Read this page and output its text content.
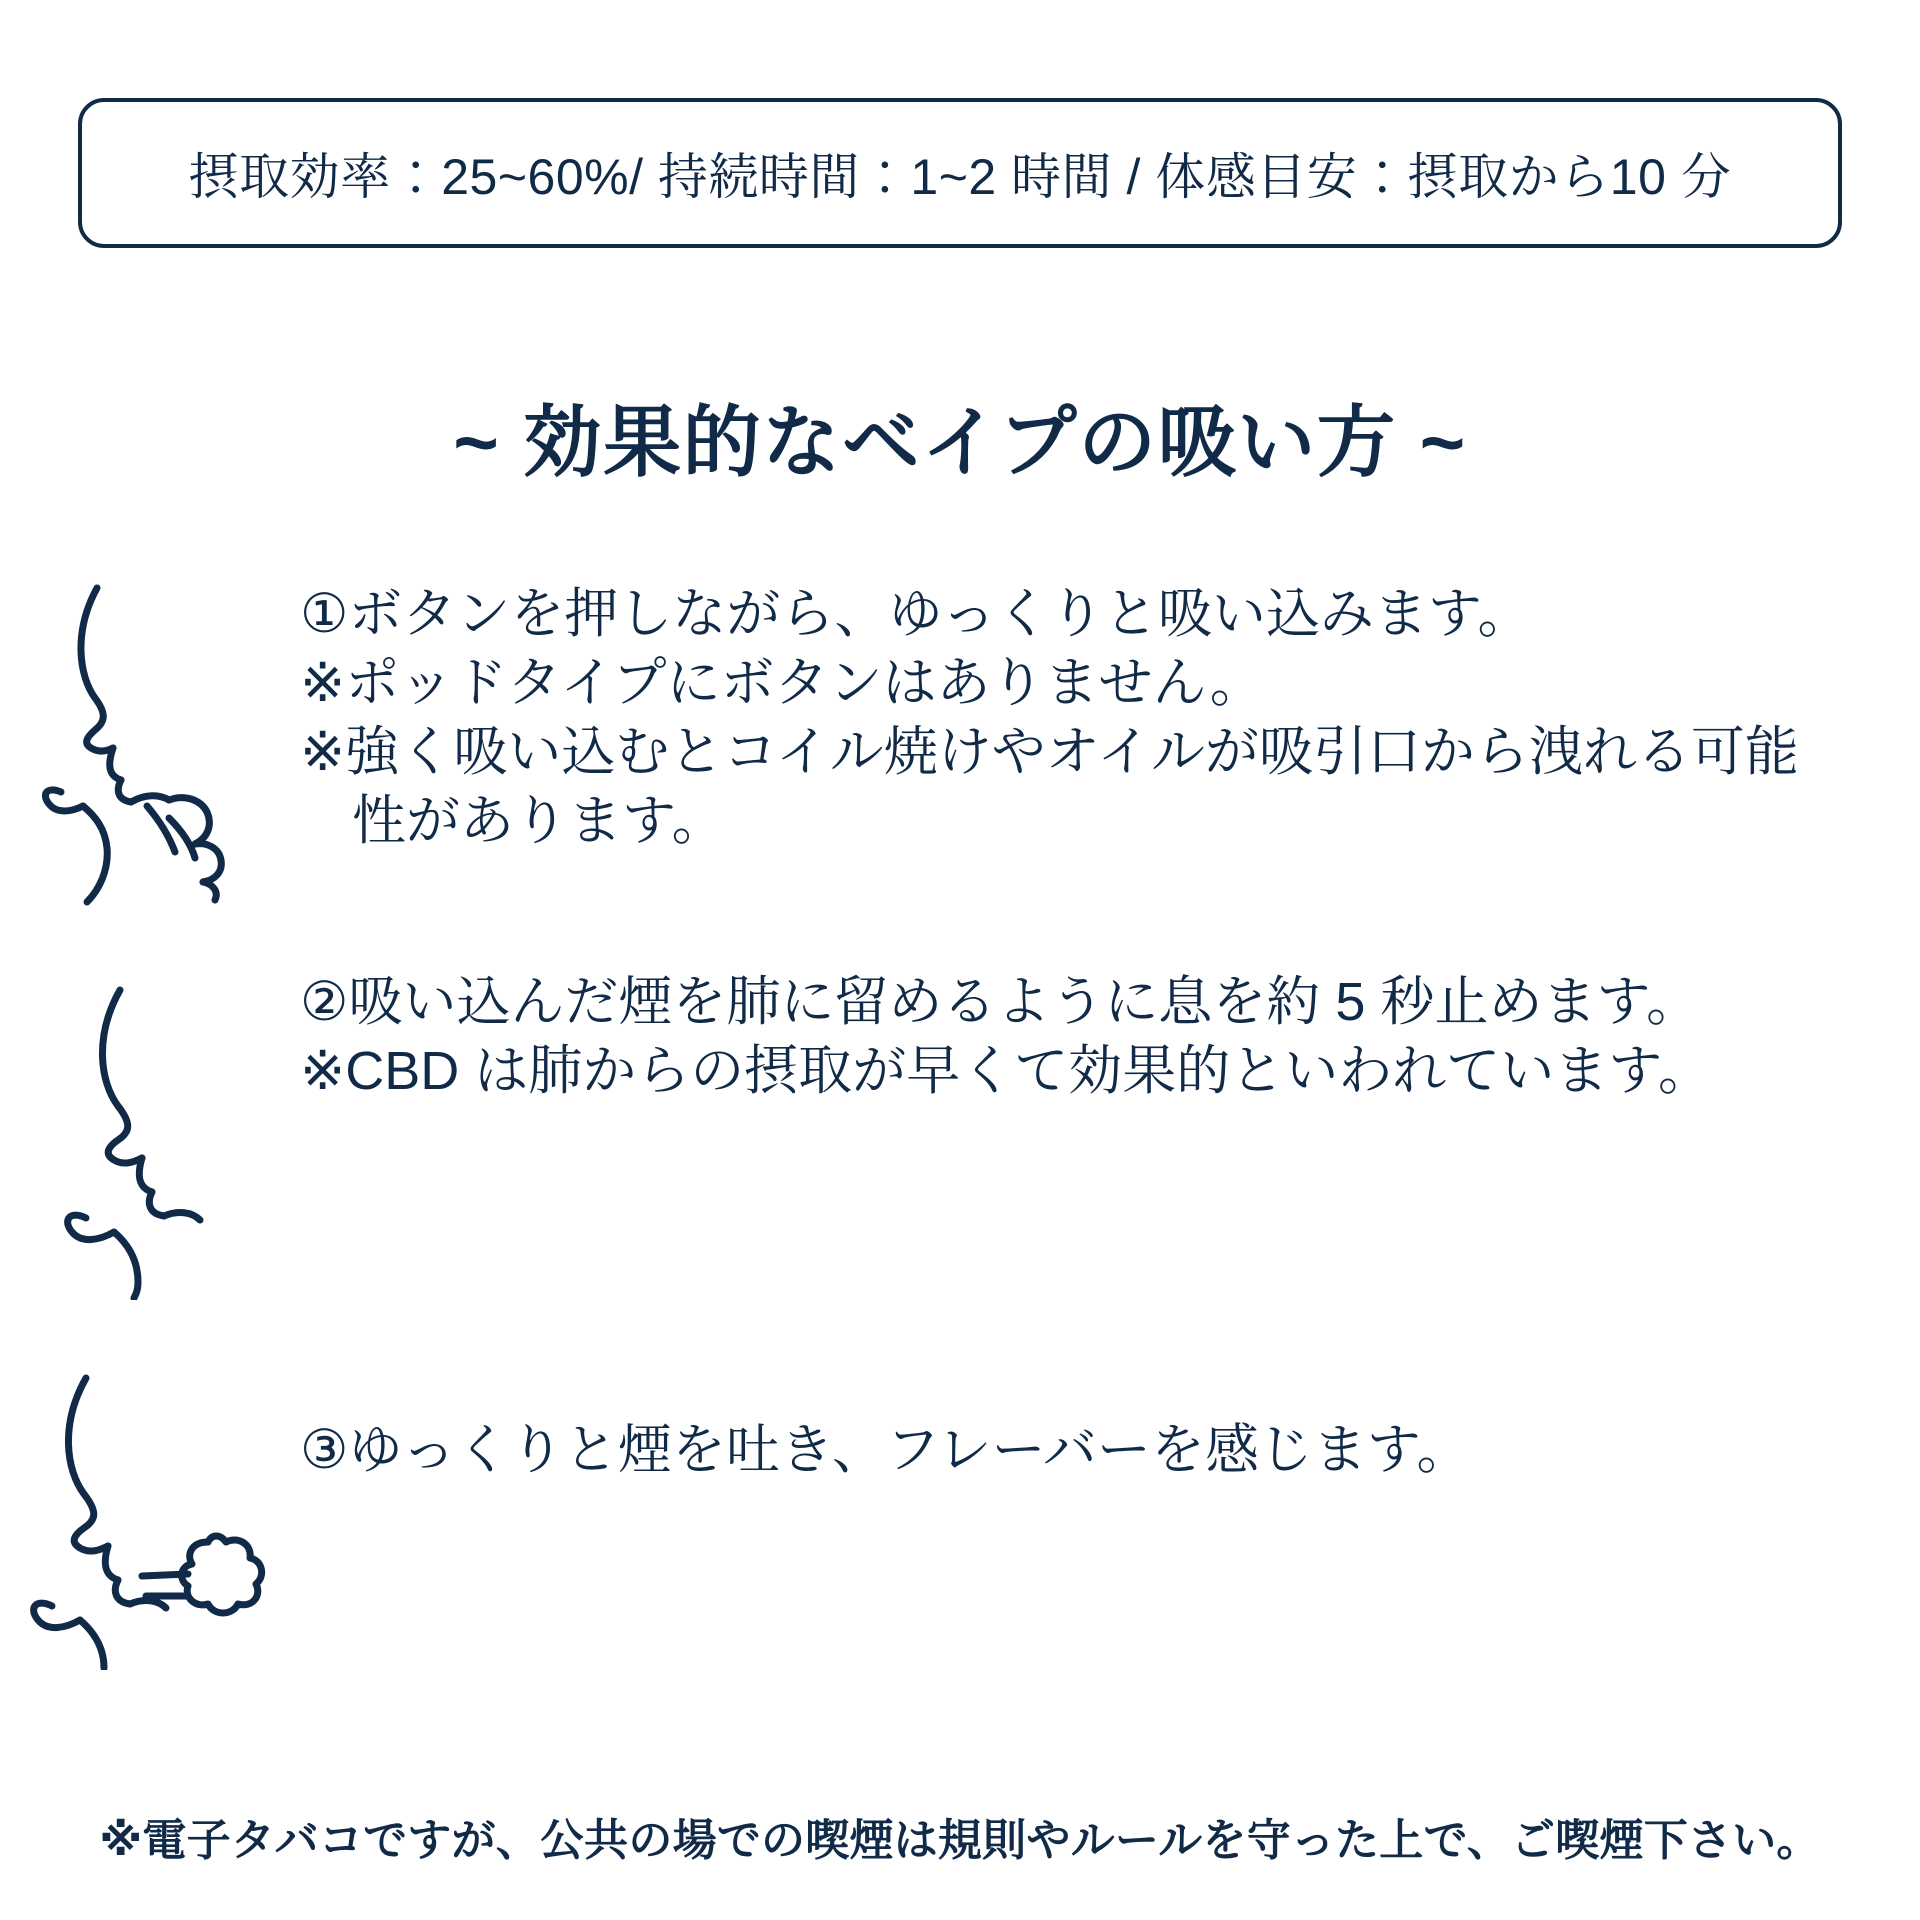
摂取効率：25~60%/ 持続時間：1~2 時間 / 体感目安：摂取から10 分
~ 効果的なベイプの吸い方 ~
①ボタンを押しながら、ゆっくりと吸い込みます。
※ポッドタイプにボタンはありません。
※強く吸い込むとコイル焼けやオイルが吸引口から洩れる可能性があります。
②吸い込んだ煙を肺に留めるように息を約 5 秒止めます。
※CBD は肺からの摂取が早くて効果的といわれています。
③ゆっくりと煙を吐き、フレーバーを感じます。
※電子タバコですが、公共の場での喫煙は規則やルールを守った上で、ご喫煙下さい。
